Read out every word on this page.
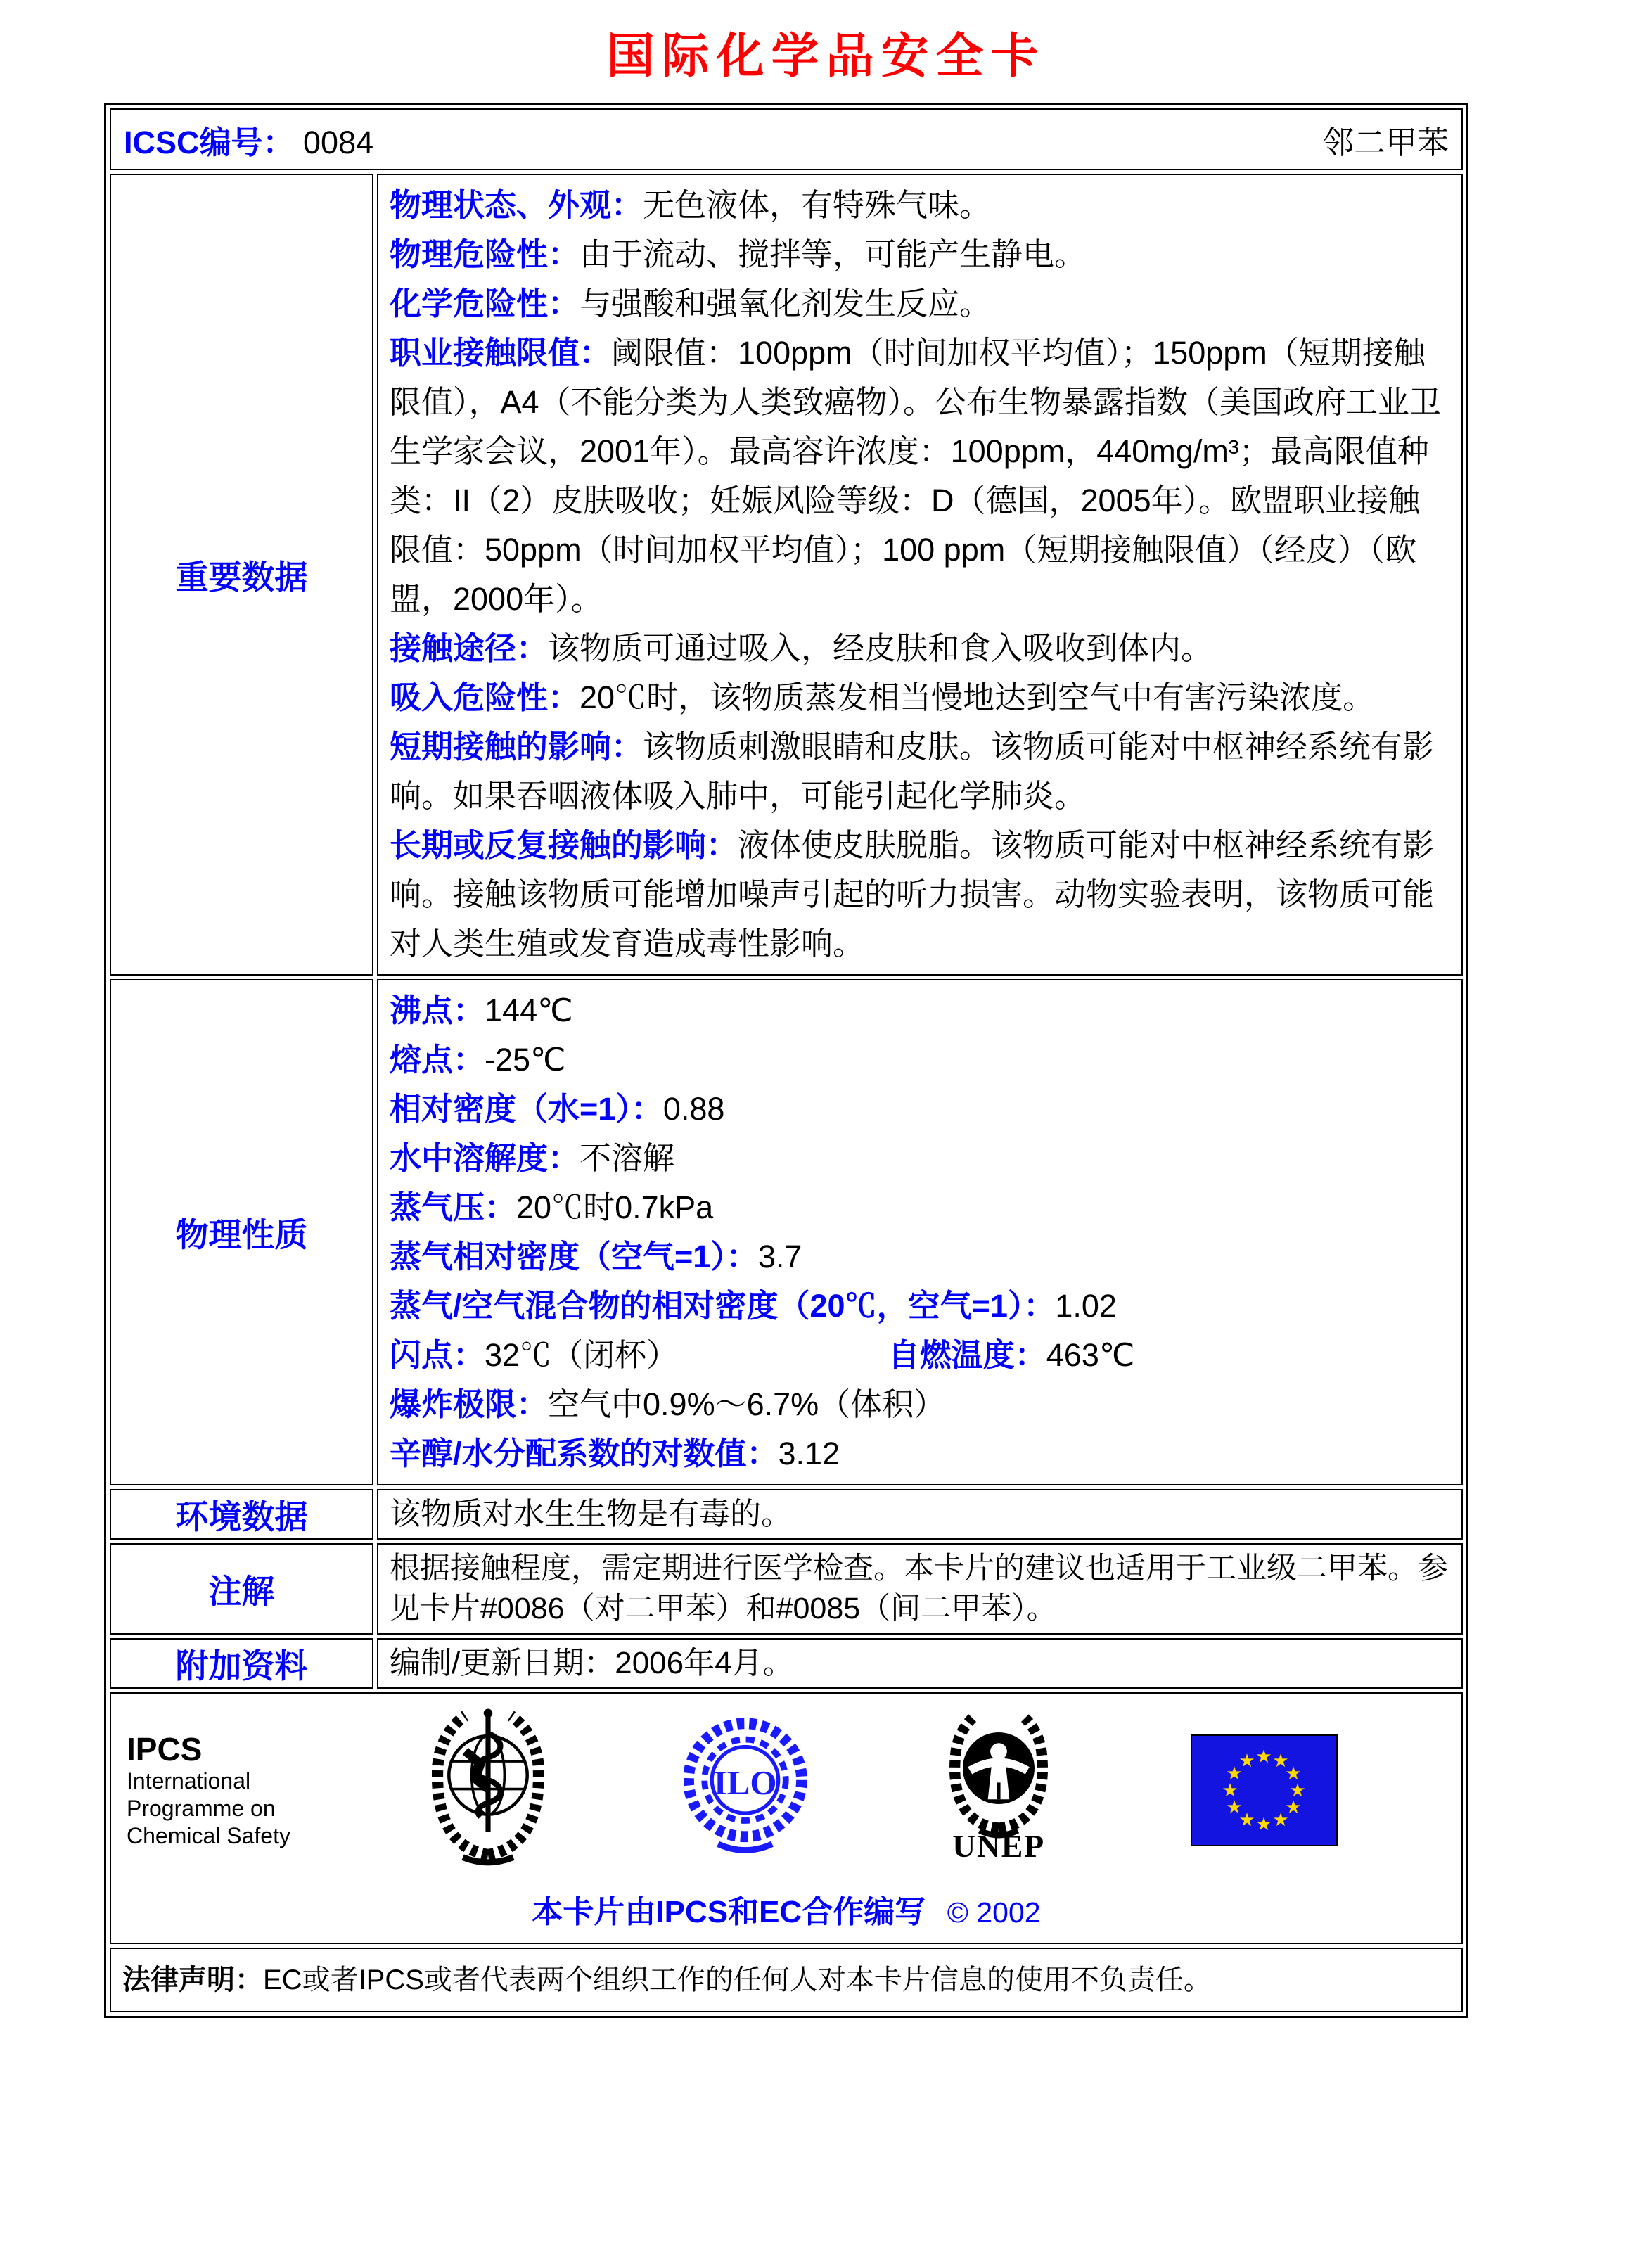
国际化学品安全卡
ICSC编号： 0084 邻二甲苯	

重要数据	
物理状态、外观：无色液体，有特殊气味。
物理危险性：由于流动、搅拌等，可能产生静电。
化学危险性：与强酸和强氧化剂发生反应。
职业接触限值：阈限值：100ppm（时间加权平均值）；150ppm（短期接触限值），A4（不能分类为人类致癌物）。公布生物暴露指数（美国政府工业卫生学家会议，2001年）。最高容许浓度：100ppm，440mg/m³；最高限值种类：II（2）皮肤吸收；妊娠风险等级：D（德国，2005年）。欧盟职业接触限值：50ppm（时间加权平均值）；100 ppm（短期接触限值）（经皮）（欧盟，2000年）。
接触途径：该物质可通过吸入，经皮肤和食入吸收到体内。
吸入危险性：20℃时，该物质蒸发相当慢地达到空气中有害污染浓度。
短期接触的影响：该物质刺激眼睛和皮肤。该物质可能对中枢神经系统有影响。如果吞咽液体吸入肺中，可能引起化学肺炎。
长期或反复接触的影响：液体使皮肤脱脂。该物质可能对中枢神经系统有影响。接触该物质可能增加噪声引起的听力损害。动物实验表明，该物质可能对人类生殖或发育造成毒性影响。

物理性质	
沸点：144℃
熔点：-25℃
相对密度（水=1）：0.88
水中溶解度：不溶解
蒸气压：20℃时0.7kPa
蒸气相对密度（空气=1）：3.7
蒸气/空气混合物的相对密度（20℃，空气=1）：1.02
闪点：32℃（闭杯）	自燃温度：463℃
爆炸极限：空气中0.9%～6.7%（体积）
辛醇/水分配系数的对数值：3.12

环境数据	该物质对水生生物是有毒的。
注解	根据接触程度，需定期进行医学检查。本卡片的建议也适用于工业级二甲苯。参见卡片#0086（对二甲苯）和#0085（间二甲苯）。
附加资料	编制/更新日期：2006年4月。

IPCS
International Programme on Chemical Safety
ILO
UNEP
★ ★
★
★
★
★
★
★
★
★
★
★
本卡片由IPCS和EC合作编写 © 2002

法律声明：EC或者IPCS或者代表两个组织工作的任何人对本卡片信息的使用不负责任。	
